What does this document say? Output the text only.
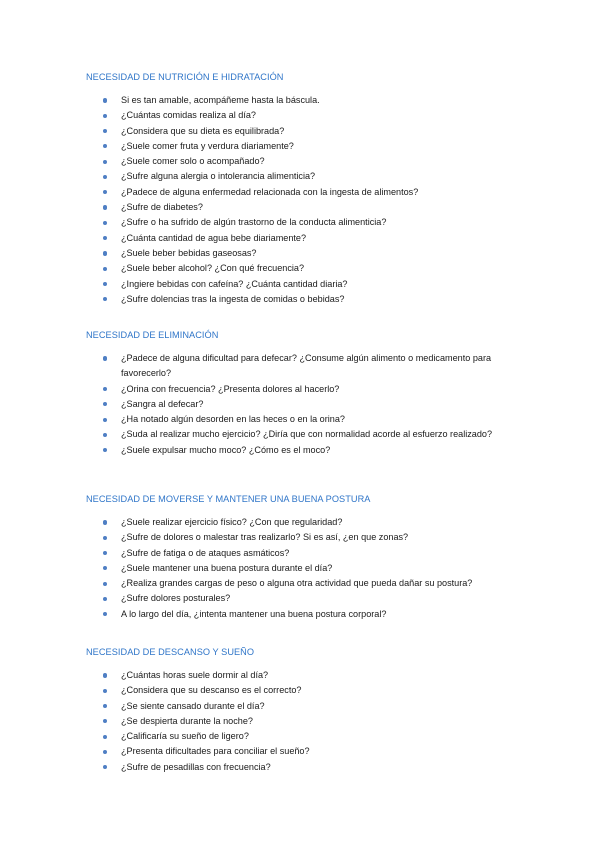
NECESIDAD DE NUTRICIÓN E HIDRATACIÓN
Si es tan amable, acompáñeme hasta la báscula.
¿Cuántas comidas realiza al día?
¿Considera que su dieta es equilibrada?
¿Suele comer fruta y verdura diariamente?
¿Suele comer solo o acompañado?
¿Sufre alguna alergia o intolerancia alimenticia?
¿Padece de alguna enfermedad relacionada con la ingesta de alimentos?
¿Sufre de diabetes?
¿Sufre o ha sufrido de algún trastorno de la conducta alimenticia?
¿Cuánta cantidad de agua bebe diariamente?
¿Suele beber bebidas gaseosas?
¿Suele beber alcohol? ¿Con qué frecuencia?
¿Ingiere bebidas con cafeína? ¿Cuánta cantidad diaria?
¿Sufre dolencias tras la ingesta de comidas o bebidas?
NECESIDAD DE ELIMINACIÓN
¿Padece de alguna dificultad para defecar? ¿Consume algún alimento o medicamento para favorecerlo?
¿Orina con frecuencia? ¿Presenta dolores al hacerlo?
¿Sangra al defecar?
¿Ha notado algún desorden en las heces o en la orina?
¿Suda al realizar mucho ejercicio? ¿Diría que con normalidad acorde al esfuerzo realizado?
¿Suele expulsar mucho moco? ¿Cómo es el moco?
NECESIDAD DE MOVERSE Y MANTENER UNA BUENA POSTURA
¿Suele realizar ejercicio físico? ¿Con que regularidad?
¿Sufre de dolores o malestar tras realizarlo? Si es así, ¿en que zonas?
¿Sufre de fatiga o de ataques asmáticos?
¿Suele mantener una buena postura durante el día?
¿Realiza grandes cargas de peso o alguna otra actividad que pueda dañar su postura?
¿Sufre dolores posturales?
A lo largo del día, ¿intenta mantener una buena postura corporal?
NECESIDAD DE DESCANSO Y SUEÑO
¿Cuántas horas suele dormir al día?
¿Considera que su descanso es el correcto?
¿Se siente cansado durante el día?
¿Se despierta durante la noche?
¿Calificaría su sueño de ligero?
¿Presenta dificultades para conciliar el sueño?
¿Sufre de pesadillas con frecuencia?
